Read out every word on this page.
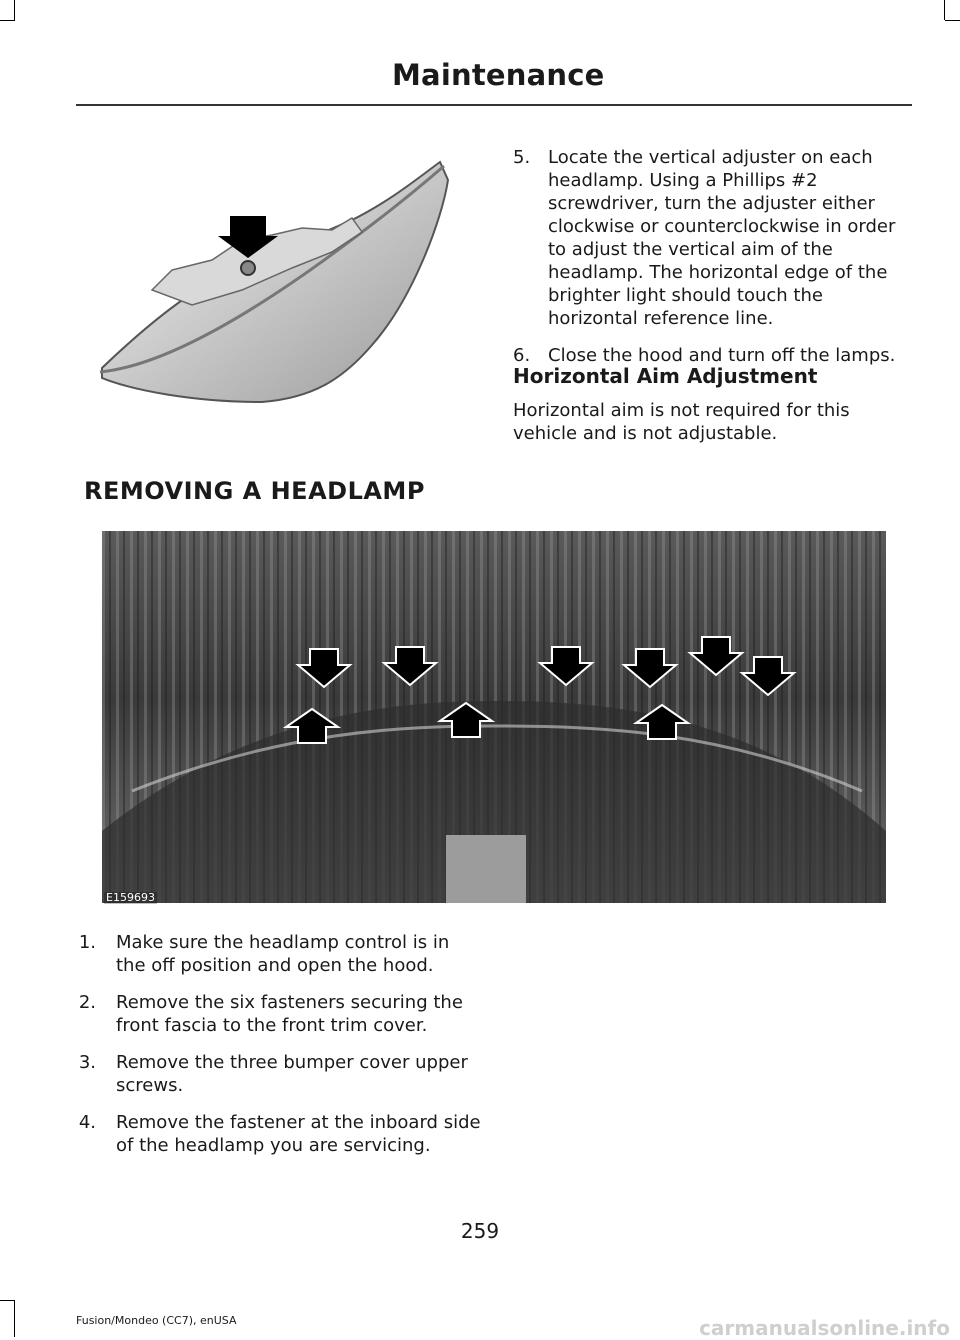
Maintenance
5. Locate the vertical adjuster on each headlamp. Using a Phillips #2 screwdriver, turn the adjuster either clockwise or counterclockwise in order to adjust the vertical aim of the headlamp. The horizontal edge of the brighter light should touch the horizontal reference line.
6. Close the hood and turn off the lamps.
Horizontal Aim Adjustment
Horizontal aim is not required for this vehicle and is not adjustable.
REMOVING A HEADLAMP
E159693
1. Make sure the headlamp control is in the off position and open the hood.
2. Remove the six fasteners securing the front fascia to the front trim cover.
3. Remove the three bumper cover upper screws.
4. Remove the fastener at the inboard side of the headlamp you are servicing.
259
Fusion/Mondeo (CC7), enUSA	carmanualsonline.info
